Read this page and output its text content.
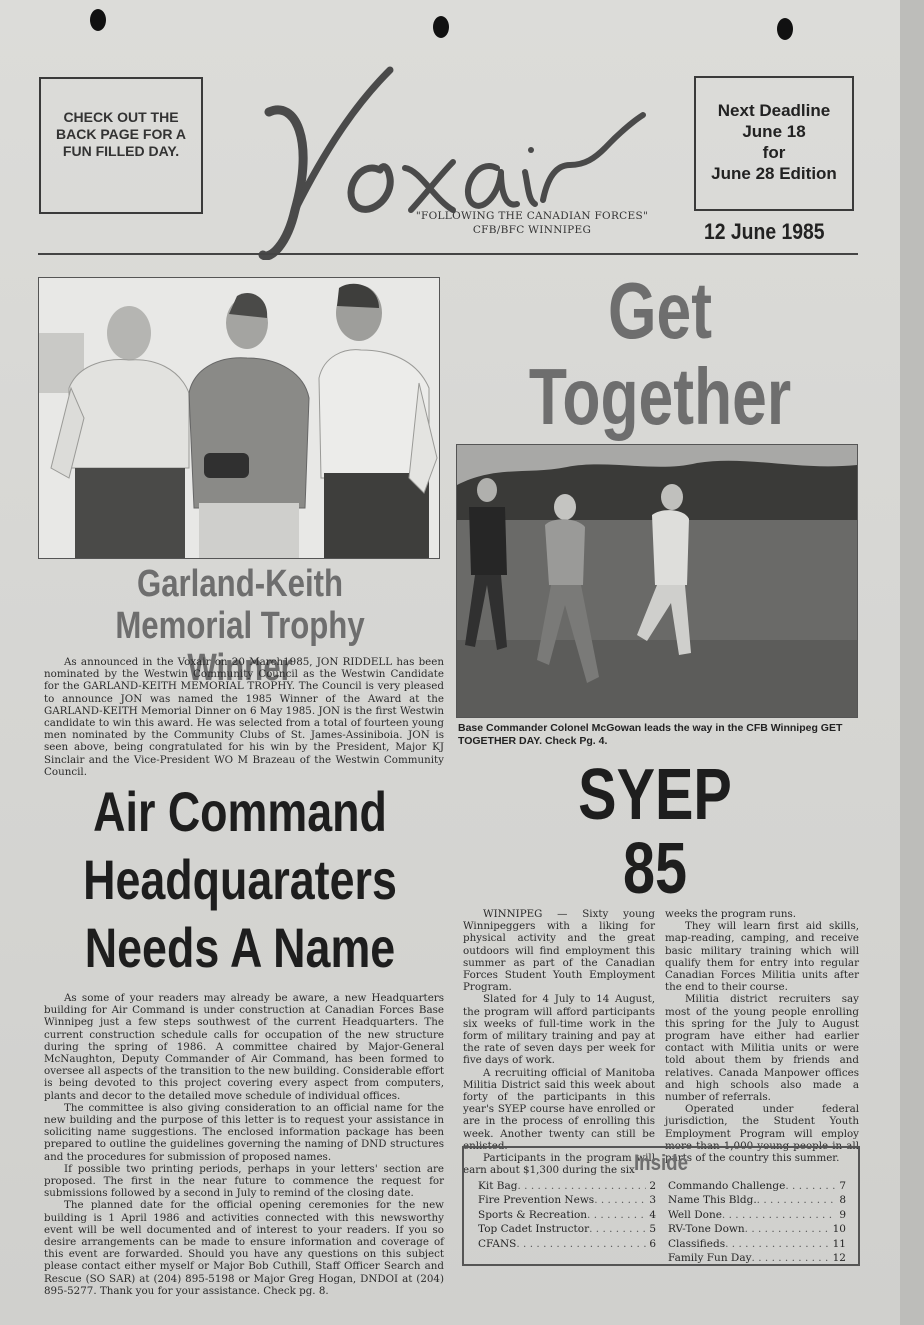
CHECK OUT THE BACK PAGE FOR A FUN FILLED DAY.
"FOLLOWING THE CANADIAN FORCES"
CFB/BFC WINNIPEG
Next Deadline
June 18
for
June 28 Edition
12 June 1985
Get
Together
Base Commander Colonel McGowan leads the way in the CFB Winnipeg GET TOGETHER DAY. Check Pg. 4.
Garland-Keith
Memorial Trophy Winner

As announced in the Voxair on 20 March1985, JON RIDDELL has been nominated by the Westwin Community Council as the Westwin Candidate for the GARLAND-KEITH MEMORIAL TROPHY. The Council is very pleased to announce JON was named the 1985 Winner of the Award at the GARLAND-KEITH Memorial Dinner on 6 May 1985. JON is the first Westwin candidate to win this award. He was selected from a total of fourteen young men nominated by the Community Clubs of St. James-Assiniboia. JON is seen above, being congratulated for his win by the President, Major KJ Sinclair and the Vice-President WO M Brazeau of the Westwin Community Council.

Air Command
Headquaraters
Needs A Name

As some of your readers may already be aware, a new Headquarters building for Air Command is under construction at Canadian Forces Base Winnipeg just a few steps southwest of the current Headquarters. The current construction schedule calls for occupation of the new structure during the spring of 1986. A committee chaired by Major-General McNaughton, Deputy Commander of Air Command, has been formed to oversee all aspects of the transition to the new building. Considerable effort is being devoted to this project covering every aspect from computers, plants and decor to the detailed move schedule of individual offices.

The committee is also giving consideration to an official name for the new building and the purpose of this letter is to request your assistance in soliciting name suggestions. The enclosed information package has been prepared to outline the guidelines governing the naming of DND structures and the procedures for submission of proposed names.

If possible two printing periods, perhaps in your letters' section are proposed. The first in the near future to commence the request for submissions followed by a second in July to remind of the closing date.

The planned date for the official opening ceremonies for the new building is 1 April 1986 and activities connected with this newsworthy event will be well documented and of interest to your readers. If you so desire arrangements can be made to ensure information and coverage of this event are forwarded. Should you have any questions on this subject please contact either myself or Major Bob Cuthill, Staff Officer Search and Rescue (SO SAR) at (204) 895-5198 or Major Greg Hogan, DNDOI at (204) 895-5277. Thank you for your assistance. Check pg. 8.

SYEP
85

WINNIPEG — Sixty young Winnipeggers with a liking for physical activity and the great outdoors will find employment this summer as part of the Canadian Forces Student Youth Employment Program.

Slated for 4 July to 14 August, the program will afford participants six weeks of full-time work in the form of military training and pay at the rate of seven days per week for five days of work.

A recruiting official of Manitoba Militia District said this week about forty of the participants in this year's SYEP course have enrolled or are in the process of enrolling this week. Another twenty can still be enlisted.

Participants in the program will earn about $1,300 during the six

weeks the program runs.

They will learn first aid skills, map-reading, camping, and receive basic military training which will qualify them for entry into regular Canadian Forces Militia units after the end to their course.

Militia district recruiters say most of the young people enrolling this spring for the July to August program have either had earlier contact with Militia units or were told about them by friends and relatives. Canada Manpower offices and high schools also made a number of referrals.

Operated under federal jurisdiction, the Student Youth Employment Program will employ more than 1,000 young people in all parts of the country this summer.

Inside
Kit Bag . . .	2
Fire Prevention News . . .	3
Sports & Recreation . . .	4
Top Cadet Instructor . . .	5
CFANS . . .	6
Commando Challenge . . .	7
Name This Bldg. . . .	8
Well Done . . .	9
RV-Tone Down . . .	10
Classifieds . . .	11
Family Fun Day . . .	12
